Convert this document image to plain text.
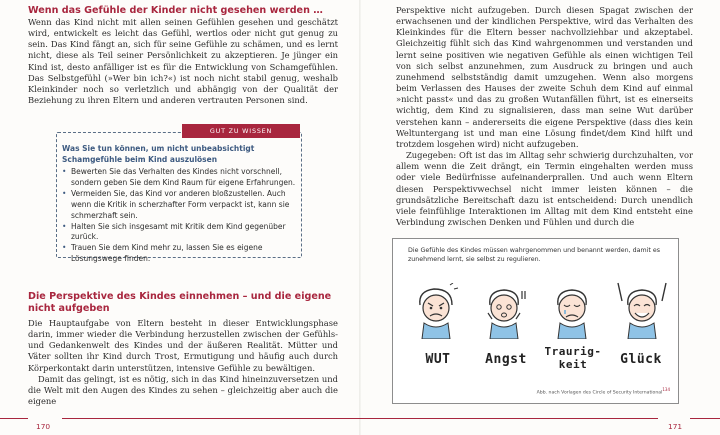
Wenn das Gefühle der Kinder nicht gesehen werden …

Wenn das Kind nicht mit allen seinen Gefühlen gesehen und geschätzt wird, entwickelt es leicht das Gefühl, wertlos oder nicht gut genug zu sein. Das Kind fängt an, sich für seine Gefühle zu schämen, und es lernt nicht, diese als Teil seiner Persönlichkeit zu akzeptieren. Je jünger ein Kind ist, desto anfälliger ist es für die Entwicklung von Schamgefühlen. Das Selbstgefühl (»Wer bin ich?«) ist noch nicht stabil genug, weshalb Kleinkinder noch so verletzlich und abhängig von der Qualität der Beziehung zu ihren Eltern und anderen vertrauten Personen sind.

GUT ZU WISSEN
Was Sie tun können, um nicht unbeabsichtigt Schamgefühle beim Kind auszulösen
• Bewerten Sie das Verhalten des Kindes nicht vorschnell, sondern geben Sie dem Kind Raum für eigene Erfahrungen.
• Vermeiden Sie, das Kind vor anderen bloßzustellen. Auch wenn die Kritik in scherzhafter Form verpackt ist, kann sie schmerzhaft sein.
• Halten Sie sich insgesamt mit Kritik dem Kind gegenüber zurück.
• Trauen Sie dem Kind mehr zu, lassen Sie es eigene Lösungswege finden.
Die Perspektive des Kindes einnehmen – und die eigene nicht aufgeben

Die Hauptaufgabe von Eltern besteht in dieser Entwicklungsphase darin, immer wieder die Verbindung herzustellen zwischen der Gefühls- und Gedankenwelt des Kindes und der äußeren Realität. Mütter und Väter sollten ihr Kind durch Trost, Ermutigung und häufig auch durch Körperkontakt darin unterstützen, intensive Gefühle zu bewältigen.

Damit das gelingt, ist es nötig, sich in das Kind hineinzuversetzen und die Welt mit den Augen des Kindes zu sehen – gleichzeitig aber auch die eigene

170

Perspektive nicht aufzugeben. Durch diesen Spagat zwischen der erwachsenen und der kindlichen Perspektive, wird das Verhalten des Kleinkindes für die Eltern besser nachvollziehbar und akzeptabel. Gleichzeitig fühlt sich das Kind wahrgenommen und verstanden und lernt seine positiven wie negativen Gefühle als einen wichtigen Teil von sich selbst anzunehmen, zum Ausdruck zu bringen und auch zunehmend selbstständig damit umzugehen. Wenn also morgens beim Verlassen des Hauses der zweite Schuh dem Kind auf einmal »nicht passt« und das zu großen Wutanfällen führt, ist es einerseits wichtig, dem Kind zu signalisieren, dass man seine Wut darüber verstehen kann – andererseits die eigene Perspektive (dass dies kein Weltuntergang ist und man eine Lösung findet/dem Kind hilft und trotzdem losgehen wird) nicht aufzugeben.

Zugegeben: Oft ist das im Alltag sehr schwierig durchzuhalten, vor allem wenn die Zeit drängt, ein Termin eingehalten werden muss oder viele Bedürfnisse aufeinanderprallen. Und auch wenn Eltern diesen Perspektivwechsel nicht immer leisten können – die grundsätzliche Bereitschaft dazu ist entscheidend: Durch unendlich viele feinfühlige Interaktionen im Alltag mit dem Kind entsteht eine Verbindung zwischen Denken und Fühlen und durch die

Die Gefühle des Kindes müssen wahrgenommen und benannt werden, damit es zunehmend lernt, sie selbst zu regulieren.
WUT	Angst
Traurig-keit	Glück
Abb. nach Vorlagen des Circle of Security International$^{134}$
171
